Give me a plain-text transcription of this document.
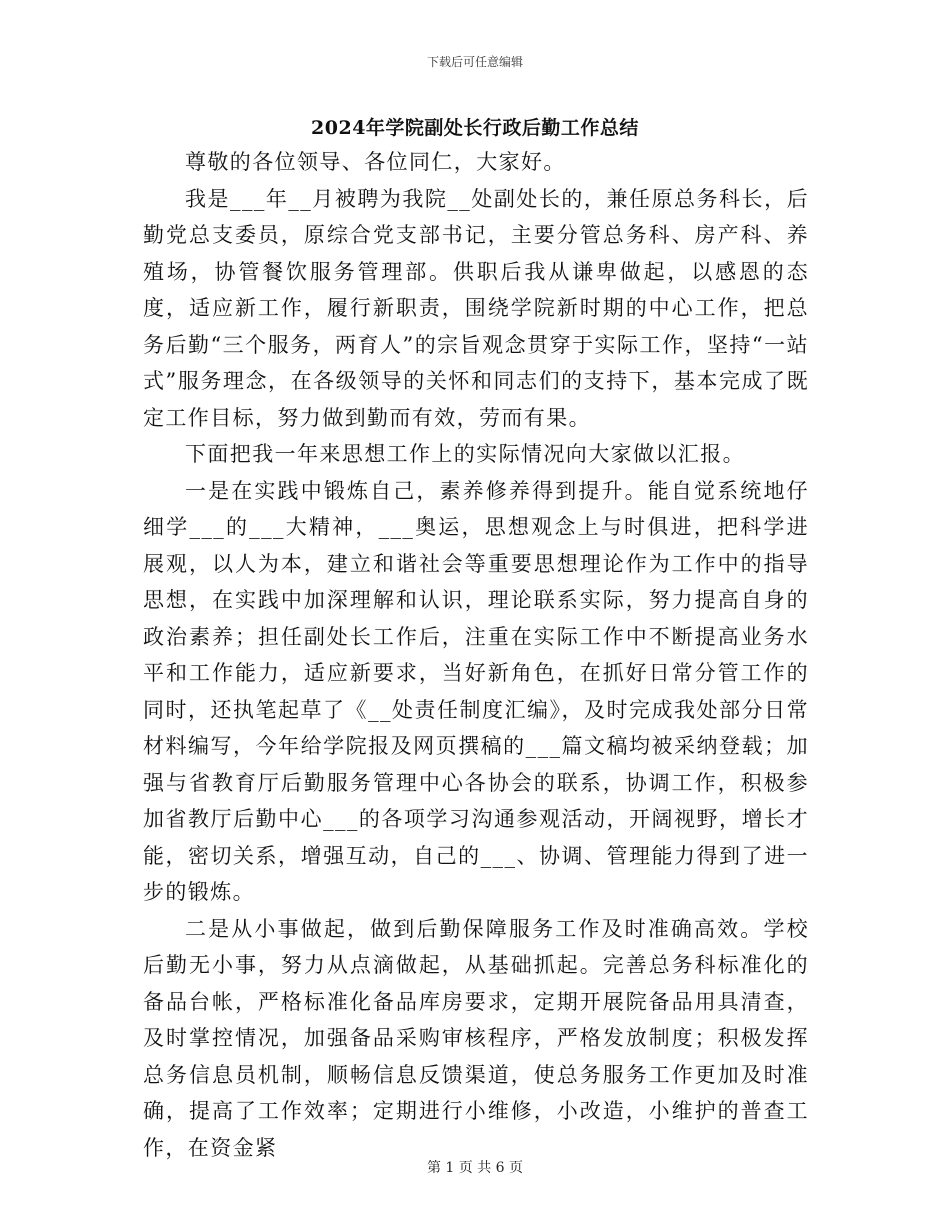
下载后可任意编辑
2024年学院副处长行政后勤工作总结

尊敬的各位领导、各位同仁，大家好。

我是___年__月被聘为我院__处副处长的，兼任原总务科长，后勤党总支委员，原综合党支部书记，主要分管总务科、房产科、养殖场，协管餐饮服务管理部。供职后我从谦卑做起，以感恩的态度，适应新工作，履行新职责，围绕学院新时期的中心工作，把总务后勤“三个服务，两育人”的宗旨观念贯穿于实际工作，坚持“一站式”服务理念，在各级领导的关怀和同志们的支持下，基本完成了既定工作目标，努力做到勤而有效，劳而有果。

下面把我一年来思想工作上的实际情况向大家做以汇报。

一是在实践中锻炼自己，素养修养得到提升。能自觉系统地仔细学___的___大精神，___奥运，思想观念上与时俱进，把科学进展观，以人为本，建立和谐社会等重要思想理论作为工作中的指导思想，在实践中加深理解和认识，理论联系实际，努力提高自身的政治素养；担任副处长工作后，注重在实际工作中不断提高业务水平和工作能力，适应新要求，当好新角色，在抓好日常分管工作的同时，还执笔起草了《__处责任制度汇编》，及时完成我处部分日常材料编写，今年给学院报及网页撰稿的___篇文稿均被采纳登载；加强与省教育厅后勤服务管理中心各协会的联系，协调工作，积极参加省教厅后勤中心___的各项学习沟通参观活动，开阔视野，增长才能，密切关系，增强互动，自己的___、协调、管理能力得到了进一步的锻炼。

二是从小事做起，做到后勤保障服务工作及时准确高效。学校后勤无小事，努力从点滴做起，从基础抓起。完善总务科标准化的备品台帐，严格标准化备品库房要求，定期开展院备品用具清查，及时掌控情况，加强备品采购审核程序，严格发放制度；积极发挥总务信息员机制，顺畅信息反馈渠道，使总务服务工作更加及时准确，提高了工作效率；定期进行小维修，小改造，小维护的普查工作，在资金紧

第 1 页 共 6 页
